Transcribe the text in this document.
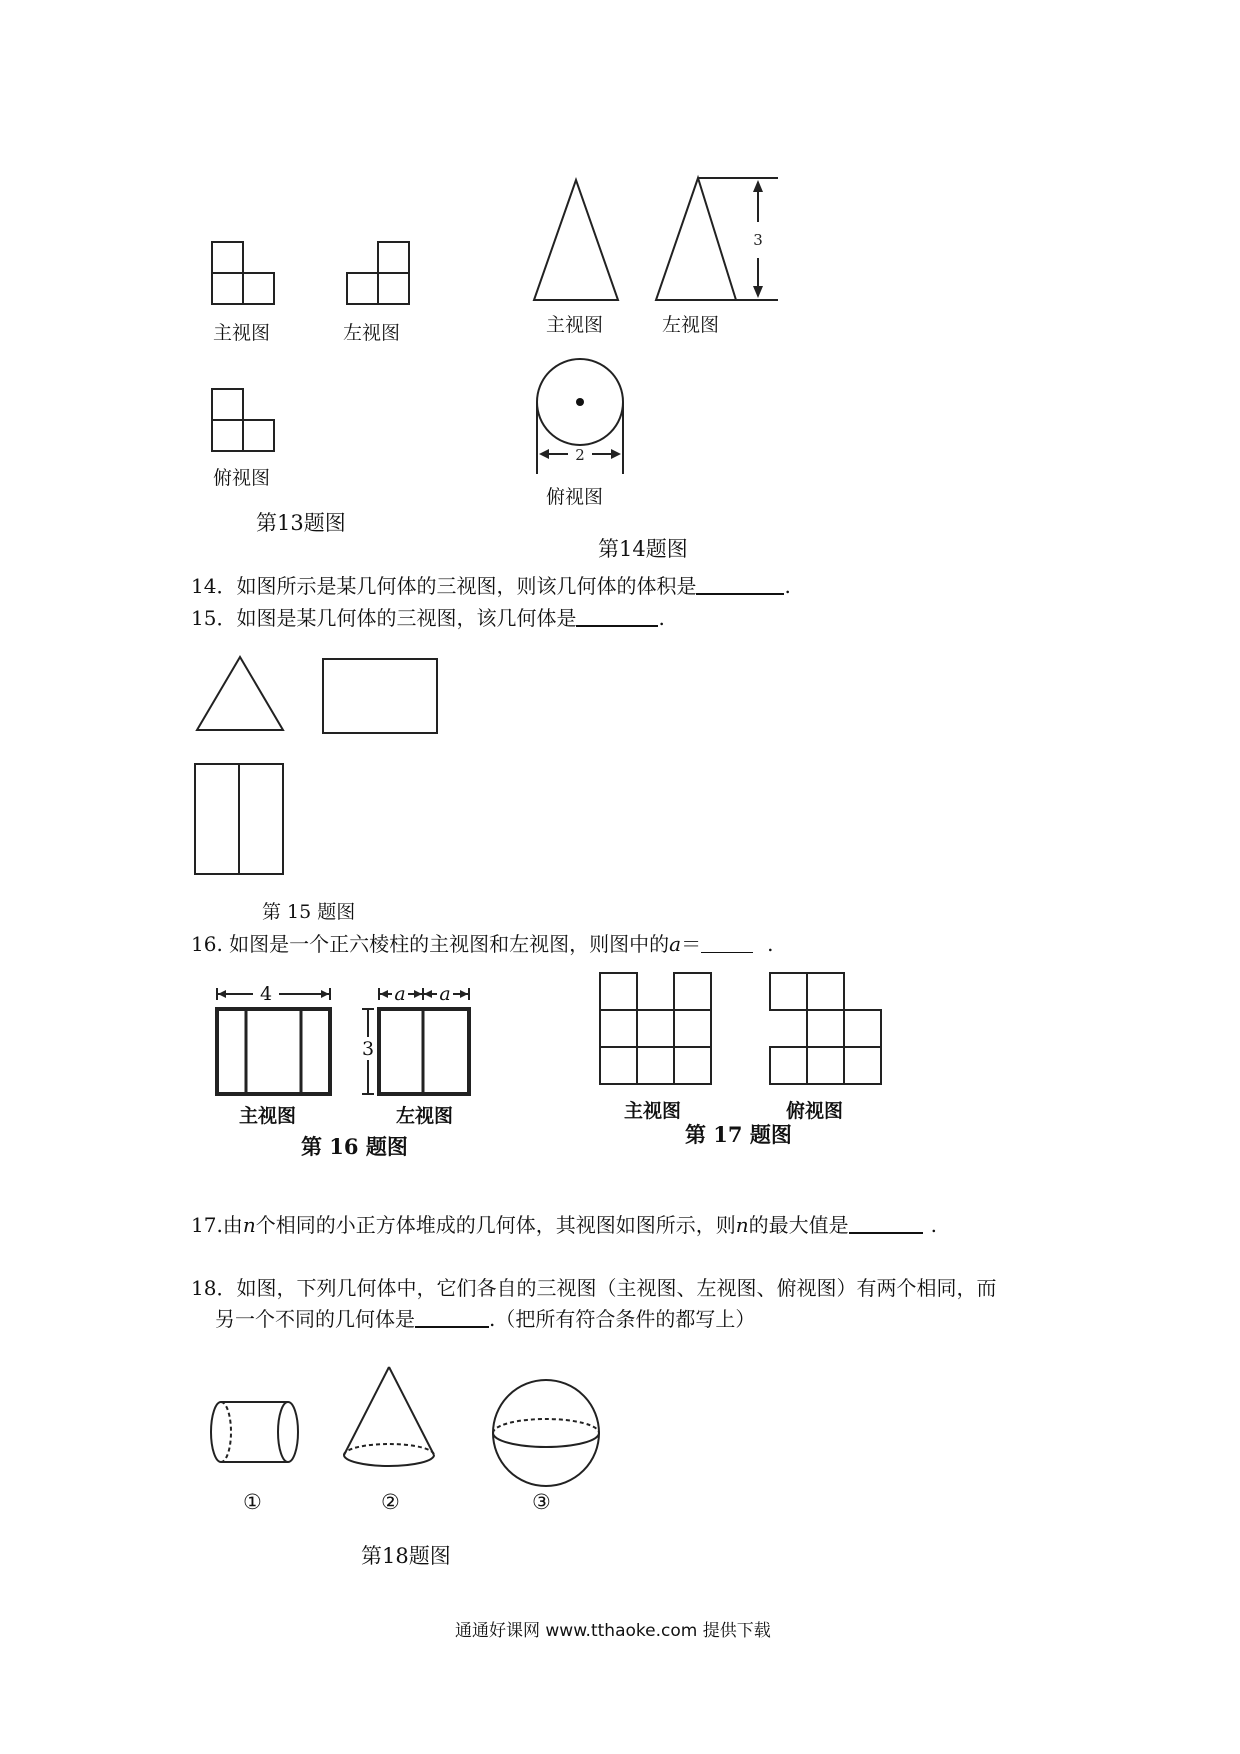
主视图	左视图
俯视图
第13题图
主视图
3
左视图
2
俯视图
第14题图
14．如图所示是某几何体的三视图，则该几何体的体积是	.
15．如图是某几何体的三视图，该几何体是	.
第 15 题图
16. 如图是一个正六棱柱的主视图和左视图，则图中的a＝	.
4
主视图
a a
3
左视图
第 16 题图
主视图	俯视图
第 17 题图
17.由n个相同的小正方体堆成的几何体，其视图如图所示，则n的最大值是	.
18．如图，下列几何体中，它们各自的三视图（主视图、左视图、俯视图）有两个相同，而
另一个不同的几何体是	.（把所有符合条件的都写上）
①	②	③
第18题图
通通好课网 www.tthaoke.com 提供下载
